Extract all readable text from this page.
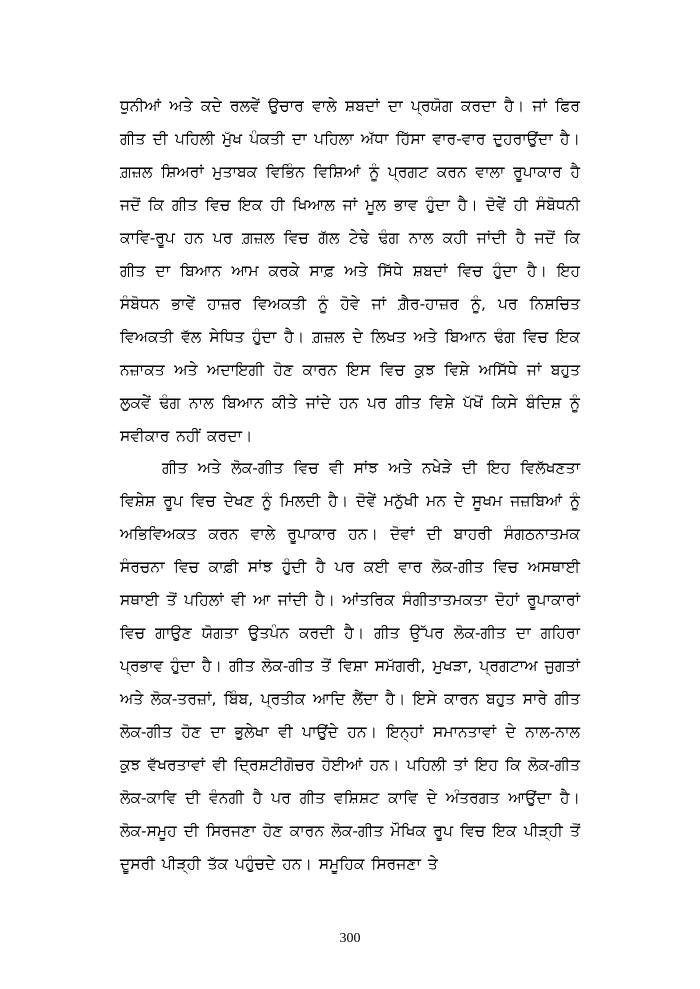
ਧੁਨੀਆਂ ਅਤੇ ਕਦੇ ਰਲਵੇਂ ਉਚਾਰ ਵਾਲੇ ਸ਼ਬਦਾਂ ਦਾ ਪ੍ਰਯੋਗ ਕਰਦਾ ਹੈ। ਜਾਂ ਫਿਰ ਗੀਤ ਦੀ ਪਹਿਲੀ ਮੁੱਖ ਪੰਕਤੀ ਦਾ ਪਹਿਲਾ ਅੱਧਾ ਹਿੱਸਾ ਵਾਰ-ਵਾਰ ਦੁਹਰਾਉਂਦਾ ਹੈ। ਗ਼ਜ਼ਲ ਸ਼ਿਅਰਾਂ ਮੁਤਾਬਕ ਵਿਭਿੰਨ ਵਿਸ਼ਿਆਂ ਨੂੰ ਪ੍ਰਗਟ ਕਰਨ ਵਾਲਾ ਰੂਪਾਕਾਰ ਹੈ ਜਦੋਂ ਕਿ ਗੀਤ ਵਿਚ ਇਕ ਹੀ ਖਿਆਲ ਜਾਂ ਮੂਲ ਭਾਵ ਹੁੰਦਾ ਹੈ। ਦੋਵੇਂ ਹੀ ਸੰਬੋਧਨੀ ਕਾਵਿ-ਰੂਪ ਹਨ ਪਰ ਗ਼ਜ਼ਲ ਵਿਚ ਗੱਲ ਟੇਢੇ ਢੰਗ ਨਾਲ ਕਹੀ ਜਾਂਦੀ ਹੈ ਜਦੋਂ ਕਿ ਗੀਤ ਦਾ ਬਿਆਨ ਆਮ ਕਰਕੇ ਸਾਫ਼ ਅਤੇ ਸਿੱਧੇ ਸ਼ਬਦਾਂ ਵਿਚ ਹੁੰਦਾ ਹੈ। ਇਹ ਸੰਬੋਧਨ ਭਾਵੇਂ ਹਾਜ਼ਰ ਵਿਅਕਤੀ ਨੂੰ ਹੋਵੇ ਜਾਂ ਗ਼ੈਰ-ਹਾਜ਼ਰ ਨੂੰ, ਪਰ ਨਿਸ਼ਚਿਤ ਵਿਅਕਤੀ ਵੱਲ ਸੇਧਿਤ ਹੁੰਦਾ ਹੈ। ਗ਼ਜ਼ਲ ਦੇ ਲਿਖਤ ਅਤੇ ਬਿਆਨ ਢੰਗ ਵਿਚ ਇਕ ਨਜ਼ਾਕਤ ਅਤੇ ਅਦਾਇਗੀ ਹੋਣ ਕਾਰਨ ਇਸ ਵਿਚ ਕੁਝ ਵਿਸ਼ੇ ਅਸਿੱਧੇ ਜਾਂ ਬਹੁਤ ਲੁਕਵੇਂ ਢੰਗ ਨਾਲ ਬਿਆਨ ਕੀਤੇ ਜਾਂਦੇ ਹਨ ਪਰ ਗੀਤ ਵਿਸ਼ੇ ਪੱਖੋਂ ਕਿਸੇ ਬੰਦਿਸ਼ ਨੂੰ ਸਵੀਕਾਰ ਨਹੀਂ ਕਰਦਾ।

ਗੀਤ ਅਤੇ ਲੋਕ-ਗੀਤ ਵਿਚ ਵੀ ਸਾਂਝ ਅਤੇ ਨਖੇੜੇ ਦੀ ਇਹ ਵਿਲੱਖਣਤਾ ਵਿਸ਼ੇਸ਼ ਰੂਪ ਵਿਚ ਦੇਖਣ ਨੂੰ ਮਿਲਦੀ ਹੈ। ਦੋਵੇਂ ਮਨੁੱਖੀ ਮਨ ਦੇ ਸੂਖਮ ਜਜ਼ਬਿਆਂ ਨੂੰ ਅਭਿਵਿਅਕਤ ਕਰਨ ਵਾਲੇ ਰੂਪਾਕਾਰ ਹਨ। ਦੋਵਾਂ ਦੀ ਬਾਹਰੀ ਸੰਗਠਨਾਤਮਕ ਸੰਰਚਨਾ ਵਿਚ ਕਾਫ਼ੀ ਸਾਂਝ ਹੁੰਦੀ ਹੈ ਪਰ ਕਈ ਵਾਰ ਲੋਕ-ਗੀਤ ਵਿਚ ਅਸਥਾਈ ਸਥਾਈ ਤੋਂ ਪਹਿਲਾਂ ਵੀ ਆ ਜਾਂਦੀ ਹੈ। ਆਂਤਰਿਕ ਸੰਗੀਤਾਤਮਕਤਾ ਦੋਹਾਂ ਰੂਪਾਕਾਰਾਂ ਵਿਚ ਗਾਉਣ ਯੋਗਤਾ ਉਤਪੰਨ ਕਰਦੀ ਹੈ। ਗੀਤ ਉੱਪਰ ਲੋਕ-ਗੀਤ ਦਾ ਗਹਿਰਾ ਪ੍ਰਭਾਵ ਹੁੰਦਾ ਹੈ। ਗੀਤ ਲੋਕ-ਗੀਤ ਤੋਂ ਵਿਸ਼ਾ ਸਮੱਗਰੀ, ਮੁਖੜਾ, ਪ੍ਰਗਟਾਅ ਜੁਗਤਾਂ ਅਤੇ ਲੋਕ-ਤਰਜ਼ਾਂ, ਬਿੰਬ, ਪ੍ਰਤੀਕ ਆਦਿ ਲੈਂਦਾ ਹੈ। ਇਸੇ ਕਾਰਨ ਬਹੁਤ ਸਾਰੇ ਗੀਤ ਲੋਕ-ਗੀਤ ਹੋਣ ਦਾ ਭੁਲੇਖਾ ਵੀ ਪਾਉਂਦੇ ਹਨ। ਇਨ੍ਹਾਂ ਸਮਾਨਤਾਵਾਂ ਦੇ ਨਾਲ-ਨਾਲ ਕੁਝ ਵੱਖਰਤਾਵਾਂ ਵੀ ਦ੍ਰਿਸ਼ਟੀਗੋਚਰ ਹੋਈਆਂ ਹਨ। ਪਹਿਲੀ ਤਾਂ ਇਹ ਕਿ ਲੋਕ-ਗੀਤ ਲੋਕ-ਕਾਵਿ ਦੀ ਵੰਨਗੀ ਹੈ ਪਰ ਗੀਤ ਵਸ਼ਿਸ਼ਟ ਕਾਵਿ ਦੇ ਅੰਤਰਗਤ ਆਉਂਦਾ ਹੈ। ਲੋਕ-ਸਮੂਹ ਦੀ ਸਿਰਜਣਾ ਹੋਣ ਕਾਰਨ ਲੋਕ-ਗੀਤ ਮੌਖਿਕ ਰੂਪ ਵਿਚ ਇਕ ਪੀੜ੍ਹੀ ਤੋਂ ਦੂਸਰੀ ਪੀੜ੍ਹੀ ਤੱਕ ਪਹੁੰਚਦੇ ਹਨ। ਸਮੂਹਿਕ ਸਿਰਜਣਾ ਤੇ

300
